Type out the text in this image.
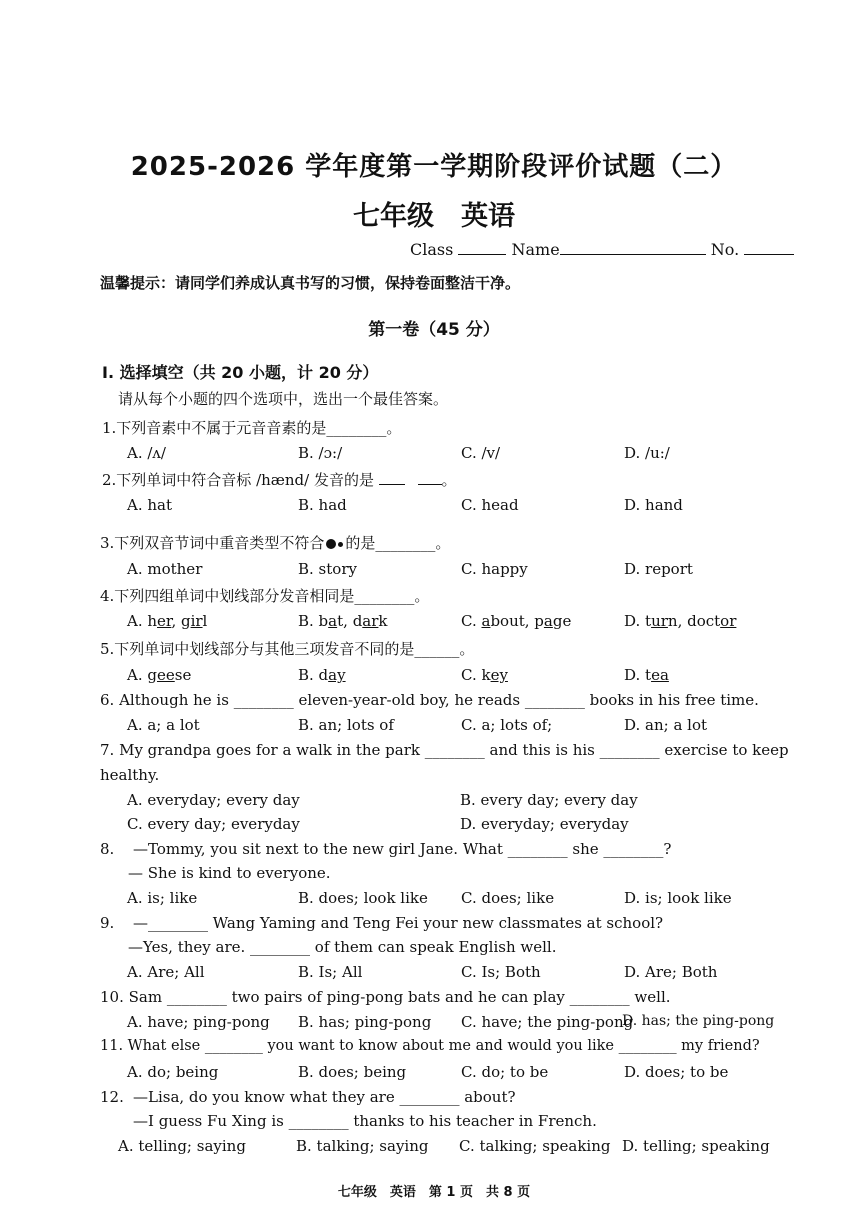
2025-2026 学年度第一学期阶段评价试题（二）
七年级　英语
Class	Name	No.
温馨提示：请同学们养成认真书写的习惯，保持卷面整洁干净。
第一卷（45 分）
I. 选择填空（共 20 小题，计 20 分）
请从每个小题的四个选项中，选出一个最佳答案。
1.下列音素中不属于元音音素的是________。
A. /ʌ/	B. /ɔ:/	C. /v/	D. /u:/
2.下列单词中符合音标 /hænd/ 发音的是	。
A. hat	B. had	C. head	D. hand
3.下列双音节词中重音类型不符合 的是________。
A. mother	B. story	C. happy	D. report
4.下列四组单词中划线部分发音相同是________。
A. her, girl	B. bat, dark	C. about, page	D. turn, doctor
5.下列单词中划线部分与其他三项发音不同的是______。
A. geese	B. day	C. key	D. tea
6. Although he is ________ eleven-year-old boy, he reads ________ books in his free time.
A. a; a lot	B. an; lots of	C. a; lots of;	D. an; a lot
7. My grandpa goes for a walk in the park ________ and this is his ________ exercise to keep
healthy.
A. everyday; every day	B. every day; every day
C. every day; everyday	D. everyday; everyday
8. —Tommy, you sit next to the new girl Jane. What ________ she ________?
— She is kind to everyone.
A. is; like	B. does; look like C. does; like	D. is; look like
9. —________ Wang Yaming and Teng Fei your new classmates at school?
—Yes, they are. ________ of them can speak English well.
A. Are; All	B. Is; All	C. Is; Both	D. Are; Both
10. Sam ________ two pairs of ping-pong bats and he can play ________ well.
A. have; ping-pong B. has; ping-pong C. have; the ping-pong
D. has; the ping-pong
11. What else ________ you want to know about me and would you like ________ my friend?
A. do; being	B. does; being	C. do; to be	D. does; to be
12. —Lisa, do you know what they are ________ about?
—I guess Fu Xing is ________ thanks to his teacher in French.
A. telling; saying	B. talking; saying C. talking; speaking D. telling; speaking
七年级　英语　第 1 页　共 8 页
